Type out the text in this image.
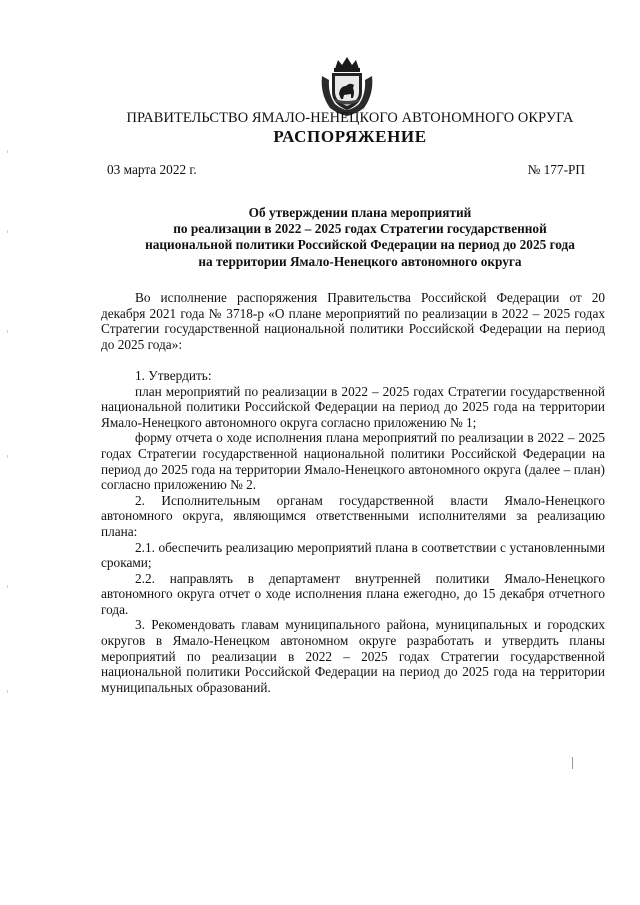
ПРАВИТЕЛЬСТВО ЯМАЛО-НЕНЕЦКОГО АВТОНОМНОГО ОКРУГА
РАСПОРЯЖЕНИЕ
03 марта 2022 г.	№ 177-РП
Об утверждении плана мероприятий
по реализации в 2022 – 2025 годах Стратегии государственной
национальной политики Российской Федерации на период до 2025 года
на территории Ямало-Ненецкого автономного округа

Во исполнение распоряжения Правительства Российской Федерации от 20 декабря 2021 года № 3718-р «О плане мероприятий по реализации в 2022 – 2025 годах Стратегии государственной национальной политики Российской Федерации на период до 2025 года»:

1. Утвердить:

план мероприятий по реализации в 2022 – 2025 годах Стратегии государственной национальной политики Российской Федерации на период до 2025 года на территории Ямало-Ненецкого автономного округа согласно приложению № 1;

форму отчета о ходе исполнения плана мероприятий по реализации в 2022 – 2025 годах Стратегии государственной национальной политики Российской Федерации на период до 2025 года на территории Ямало-Ненецкого автономного округа (далее – план) согласно приложению № 2.

2. Исполнительным органам государственной власти Ямало-Ненецкого автономного округа, являющимся ответственными исполнителями за реализацию плана:

2.1. обеспечить реализацию мероприятий плана в соответствии с установленными сроками;

2.2. направлять в департамент внутренней политики Ямало-Ненецкого автономного округа отчет о ходе исполнения плана ежегодно, до 15 декабря отчетного года.

3. Рекомендовать главам муниципального района, муниципальных и городских округов в Ямало-Ненецком автономном округе разработать и утвердить планы мероприятий по реализации в 2022 – 2025 годах Стратегии государственной национальной политики Российской Федерации на период до 2025 года на территории муниципальных образований.
